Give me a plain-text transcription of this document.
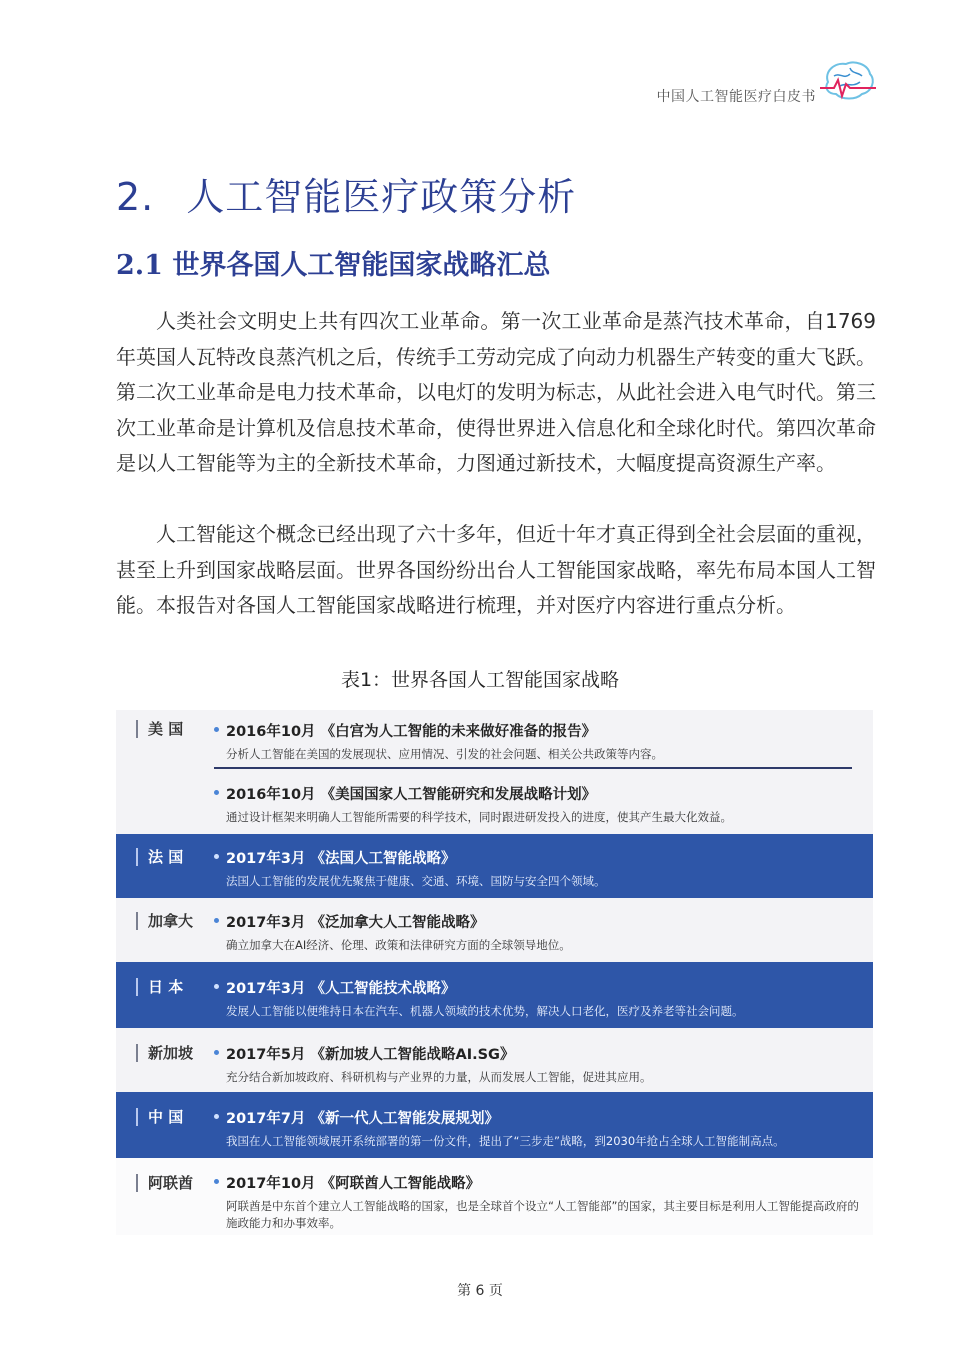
中国人工智能医疗白皮书
2. 人工智能医疗政策分析
2.1 世界各国人工智能国家战略汇总

人类社会文明史上共有四次工业革命。第一次工业革命是蒸汽技术革命，自1769年英国人瓦特改良蒸汽机之后，传统手工劳动完成了向动力机器生产转变的重大飞跃。第二次工业革命是电力技术革命，以电灯的发明为标志，从此社会进入电气时代。第三次工业革命是计算机及信息技术革命，使得世界进入信息化和全球化时代。第四次革命是以人工智能等为主的全新技术革命，力图通过新技术，大幅度提高资源生产率。

人工智能这个概念已经出现了六十多年，但近十年才真正得到全社会层面的重视，甚至上升到国家战略层面。世界各国纷纷出台人工智能国家战略，率先布局本国人工智能。本报告对各国人工智能国家战略进行梳理，并对医疗内容进行重点分析。

表1：世界各国人工智能国家战略
美 国	2016年10月 《白宫为人工智能的未来做好准备的报告》
分析人工智能在美国的发展现状、应用情况、引发的社会问题、相关公共政策等内容。
2016年10月 《美国国家人工智能研究和发展战略计划》
通过设计框架来明确人工智能所需要的科学技术，同时跟进研发投入的进度，使其产生最大化效益。
法 国	2017年3月 《法国人工智能战略》
法国人工智能的发展优先聚焦于健康、交通、环境、国防与安全四个领域。
加拿大	2017年3月 《泛加拿大人工智能战略》
确立加拿大在AI经济、伦理、政策和法律研究方面的全球领导地位。
日 本	2017年3月 《人工智能技术战略》
发展人工智能以便维持日本在汽车、机器人领域的技术优势，解决人口老化，医疗及养老等社会问题。
新加坡	2017年5月 《新加坡人工智能战略AI.SG》
充分结合新加坡政府、科研机构与产业界的力量，从而发展人工智能，促进其应用。
中 国	2017年7月 《新一代人工智能发展规划》
我国在人工智能领域展开系统部署的第一份文件，提出了“三步走”战略，到2030年抢占全球人工智能制高点。
阿联酋	2017年10月 《阿联酋人工智能战略》
阿联酋是中东首个建立人工智能战略的国家，也是全球首个设立“人工智能部”的国家，其主要目标是利用人工智能提高政府的施政能力和办事效率。
第 6 页
